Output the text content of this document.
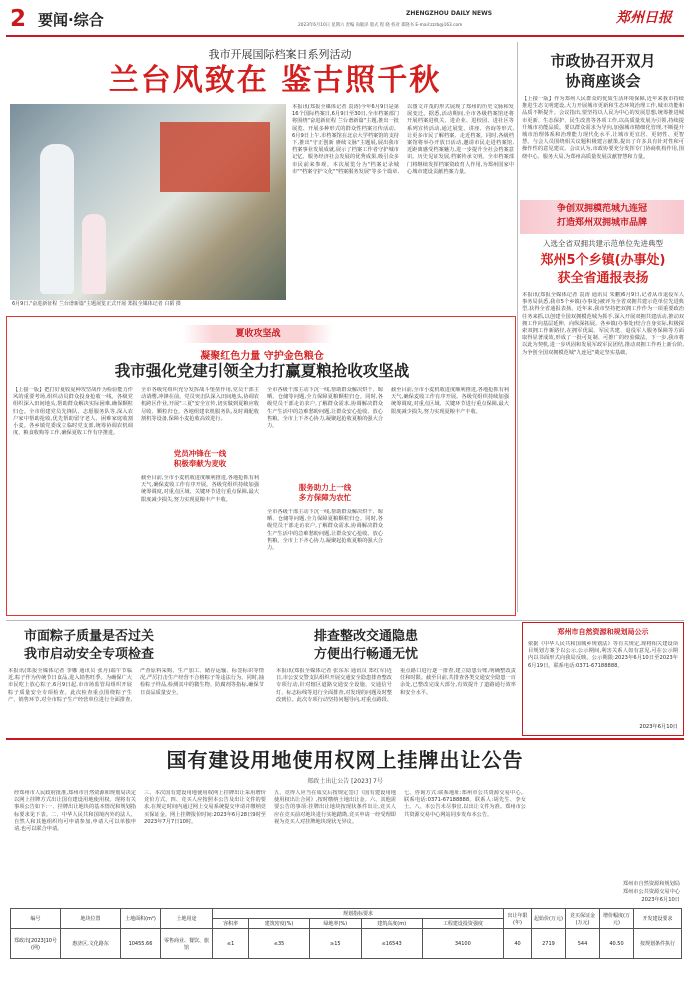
2 要闻·综合	ZHENGZHOU DAILY NEWS
2023年6月10日 星期六 责编 尚敏泽 版式 程 晓 校对 郑晓书 E-mail:zzrb@163.com	郑州日报
我市开展国际档案日系列活动
兰台风致在 鉴古照千秋
6月9日,"奋进新征程 兰台谱新篇"主题展览正式开展 郑报全媒体记者 白韬 摄
本报讯(郑报全媒体记者 袁涛)今年6月9日是第16个国际档案日,6月9日至30日,全市档案部门将围绕"奋进新征程 兰台谱新篇"主题,推出一批展览、开展多种形式的群众性档案宣传活动。6月9日上午,市档案馆在北京大学档案馆的支持下,推出"守正创新 赓续文脉"主题展,展出我市档案事业发展成就,展示了档案工作者守护城市记忆、服务经济社会发展的优秀成果,吸引众多市民前来参观。本次展览分为"档案记录城市""档案守护文化""档案服务发展"等多个篇章,以图文并茂的形式展现了郑州的历史文脉和发展变迁。据悉,活动期间,全市各级档案馆还将开展档案进机关、进企业、进校园、进社区等系列宣传活动,通过展览、讲座、咨询等形式,让更多市民了解档案、走近档案。同时,各级档案馆将举办开放日活动,邀请市民走进档案馆,近距离感受档案魅力,进一步提升全社会档案意识。历史见证发展,档案传承文明。全市档案部门将继续发挥档案资政育人作用,为郑州国家中心城市建设贡献档案力量。
市政协召开双月
协商座谈会
【上接一版】作为郑州人民群众的优质生活环境保障,近年来我市持续推进生态文明建设,大力开展城市更新和生态环境治理工作,城市功能和品质不断提升。会议指出,要坚持以人民为中心的发展思想,统筹推进城市更新、生态保护、民生改善等各项工作,以高质量发展为引领,持续提升城市功能品质。要以群众需求为导向,加强城市精细化管理,不断提升城市治理体系和治理能力现代化水平,让城市更宜居、更韧性、更智慧。与会人员围绕相关议题积极建言献策,提出了许多具有针对性和可操作性的意见建议。会议认为,市政协要充分发挥专门协商机构作用,围绕中心、服务大局,为郑州高质量发展贡献智慧和力量。
争创双拥模范城九连冠
打造郑州双拥城市品牌
入选全省双拥共建示范单位先进典型
郑州5个乡镇(办事处)
获全省通报表扬
本报讯(郑报全媒体记者 袁涛 通讯员 朱鹏)6月9日,记者从市退役军人事务局获悉,我市5个乡镇(办事处)被评为全省双拥共建示范单位先进典型,获得全省通报表扬。近年来,我市坚持把双拥工作作为一项重要政治任务来抓,以创建全国双拥模范城为抓手,深入开展双拥共建活动,推动双拥工作向基层延伸、向纵深拓展。各乡镇(办事处)结合自身实际,积极探索双拥工作新路径,在拥军优属、军民共建、退役军人服务保障等方面取得显著成效,形成了一批可复制、可推广的经验做法。下一步,我市将以此为契机,进一步巩固和发展军政军民团结,推动双拥工作再上新台阶,为争创全国双拥模范城"九连冠"奠定坚实基础。
夏收攻坚战
凝聚红色力量 守护金色粮仓
我市强化党建引领全力打赢夏粮抢收攻坚战
【上接一版】把打好夏收夏种攻坚战作为检验能力作风的重要考场,组织动员群众投身抢收一线。各级党组织深入田间地头,帮助群众解决实际困难,确保颗粒归仓。全市组建党员先锋队、志愿服务队等,深入农户家中帮助抢收,优先帮助留守老人、困难家庭收割小麦。各乡镇党委成立临时党支部,统筹协调农机调度、粮食收购等工作,确保夏收工作有序推进。
全市各级党组织充分发挥战斗堡垒作用,党员干部主动请缨,冲锋在前。党员突击队深入田间地头,协调农机跨区作业,开展"三夏"安全宣传,切实做到夏粮应收尽收、颗粒归仓。各地组建农机服务队,及时调配收割机等设备,保障小麦抢收高效进行。
党员冲锋在一线
积极奉献为麦收
截至目前,全市小麦机收进度顺利推进,各地抢抓有利天气,确保麦收工作有序开展。各级党组织持续加强统筹调度,对重点区域、关键环节进行重点保障,最大限度减少损失,努力实现夏粮丰产丰收。
全市各级干部主动下沉一线,帮助群众解决烘干、晾晒、仓储等问题,全力保障夏粮颗粒归仓。同时,各级党员干部走访农户,了解群众需求,协调解决群众生产生活中的急难愁盼问题,让群众安心抢收、放心售粮。全市上下齐心协力,凝聚起抢收夏粮的强大合力。
服务助力上一线
多方保障为农忙
全市各级干部主动下沉一线,帮助群众解决烘干、晾晒、仓储等问题,全力保障夏粮颗粒归仓。同时,各级党员干部走访农户,了解群众需求,协调解决群众生产生活中的急难愁盼问题,让群众安心抢收、放心售粮。全市上下齐心协力,凝聚起抢收夏粮的强大合力。
截至目前,全市小麦机收进度顺利推进,各地抢抓有利天气,确保麦收工作有序开展。各级党组织持续加强统筹调度,对重点区域、关键环节进行重点保障,最大限度减少损失,努力实现夏粮丰产丰收。
市面粽子质量是否过关
我市启动安全专项检查
本报讯(郑报全媒体记者 李娜 通讯员 张丹)端午节临近,粽子作为传统节日食品,进入销售旺季。为确保广大市民吃上放心粽子,6月9日起,市市场监管局组织开展粽子质量安全专项检查。此次检查重点围绕粽子生产、销售环节,对全市粽子生产经营单位进行全面排查,严查原料采购、生产加工、储存运输、标签标识等情况,严厉打击生产经营不合格粽子等违法行为。同时,抽检粽子样品,检测其中的微生物、防腐剂等指标,确保节日食品质量安全。
排查整改交通隐患
方便出行畅通无忧
本报讯(郑报全媒体记者 张东东 通讯员 郑红军)近日,市公安交警支队组织开展交通安全隐患排查整改专项行动,针对辖区道路交通安全设施、交通信号灯、标志标线等进行全面排查,对发现的问题及时整改到位。此次专项行动坚持问题导向,对重点路段、重点路口进行逐一排查,建立隐患台账,明确整改责任和时限。截至目前,共排查各类交通安全隐患一百余处,已整改完成大部分,有效提升了道路通行效率和安全水平。
郑州市自然资源和规划局公示
依据《中华人民共和国城乡规划法》等有关规定,现将相关建设项目规划方案予以公示,公示期间,利害关系人如有意见,可在公示期内以书面形式向我局反映。公示期限:2023年6月10日至2023年6月19日。联系电话:0371-67188888。
2023年6月10日
国有建设用地使用权网上挂牌出让公告
郑政土出让公告 [2023] 7号
经郑州市人民政府批准,郑州市自然资源和规划局决定以网上挂牌方式出让国有建设用地使用权。现将有关事项公告如下:一、挂牌出让地块的基本情况和规划指标要求见下表。二、中华人民共和国境内外的法人、自然人和其他组织均可申请参加,申请人可以单独申请,也可以联合申请。
三、本次国有建设用地使用权网上挂牌出让采用增价竞价方式。四、竞买人应按照本公告及出让文件的要求,在规定时间内通过网上交易系统提交申请并缴纳竞买保证金。网上挂牌报价时间:2023年6月28日9时至2023年7月7日10时。
五、竞得人应当在成交后按规定签订《国有建设用地使用权出让合同》,按时缴纳土地出让金。六、其他需要公告的事项:挂牌出让地块按现状条件出让,竞买人应在竞买前对地块进行实地踏勘,竞买申请一经受理即视为竞买人对挂牌地块现状无异议。
七、咨询方式:联系地址:郑州市公共资源交易中心。联系电话:0371-67188888。联系人:胡先生、李女士。八、本公告未尽事宜,以出让文件为准。郑州市公共资源交易中心网站同步发布本公告。
郑州市自然资源和规划局
郑州市公共资源交易中心
2023年6月10日
编号	地块位置	土地面积(m²)	土地用途	规划指标要求					出让年限(年)	起始价(万元)	竞买保证金(万元)	增价幅度(万元)	开发建设要求
				容积率	建筑密度(%)	绿地率(%)	建筑高度(m)	工程建设投资强度					
郑政出[2023]10号(网)	惠济区,文化路东	10455.66	零售商业、餐饮、旅馆	≤1	≤35	≥15	≤16543	34100	40	2719	544	40.50	按规划条件执行
